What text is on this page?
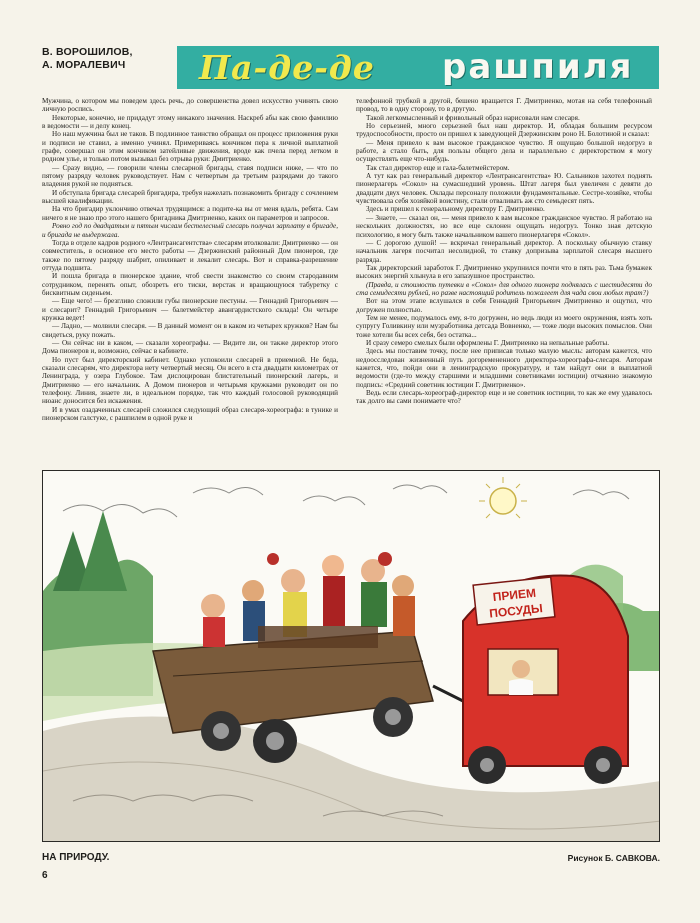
В. ВОРОШИЛОВ,
А. МОРАЛЕВИЧ Па-де-де рашпиля

Мужчина, о котором мы поведем здесь речь, до совершенства довел искусство учинять свою личную роспись.

Некоторые, конечно, не придадут этому никакого значения. Наскреб абы как свою фамилию в ведомости — и делу конец.

Но наш мужчина был не таков. В подлинное таинство обращал он процесс приложения руки и подписи не ставил, а именно учинял. Примериваясь кончиком пера к личной выплатной графе, совершал он этим кончиком затейливые движения, вроде как пчела перед летком в родном улье, и только потом вызывал без отрыва руки: Дмитриенко.

— Сразу видно, — говорили члены слесарной бригады, ставя подписи ниже, — что по пятому разряду человек руководствует. Нам с четвертым да третьим разрядами до такого владения рукой не подняться.

И обступала бригада слесарей бригадира, требуя нажелать познакомить бригаду с сочлением высшей квалификации.

На что бригадир уклончиво отвечал трудящимся: а подите-ка вы от меня вдаль, ребята. Сам ничего я не знаю про этого нашего бригадника Дмитриенко, каких он параметров и запросов.

Ровно год по двадцатым и пятым числам бестелесный слесарь получал зарплату в бригаде, и бригада не выдержала.

Тогда в отделе кадров родного «Лентрансагентства» слесарям втолковали: Дмитриенко — он совместитель, в основное его место работы — Дзержинский районный Дом пионеров, где также по пятому разряду шабрит, опиливает и лекалит слесарь. Вот и справка-разрешение оттуда подшита.

И пошла бригада в пионерское здание, чтоб свести знакомство со своим стародавним сотрудником, перенять опыт, обозреть его тиски, верстак и вращающуюся табуретку с бисквитным сиденьем.

— Еще чего! — брезгливо сложили губы пионерские пестуны. — Геннадий Григорьевич — и слесарит? Геннадий Григорьевич — балетмейстер авангардистского склада! Он четыре кружка ведет!

— Ладно, — молвили слесаря. — В данный момент он в каком из четырех кружков? Нам бы свидеться, руку пожать.

— Он сейчас ни в каком, — сказали хореографы. — Видите ли, он также директор этого Дома пионеров и, возможно, сейчас в кабинете.

Но пуст был директорский кабинет. Однако успокоили слесарей в приемной. Не беда, сказали слесарям, что директора нету четвертый месяц. Он всего в ста двадцати километрах от Ленинграда, у озера Глубокое. Там дислоцирован блистательный пионерский лагерь, и Дмитриенко — его начальник. А Домом пионеров и четырьмя кружками руководит он по телефону. Линия, знаете ли, в идеальном порядке, так что каждый голосовой руководящий нюанс доносится без искажения.

И в умах озадаченных слесарей сложился следующий образ слесаря-хореографа: в тунике и пионерском галстуке, с рашпилем в одной руке и

телефонной трубкой в другой, бешено вращается Г. Дмитриенко, мотая на себя телефонный провод, то в одну сторону, то в другую.

Такой легкомысленный и фривольный образ нарисовали нам слесаря.

Но серьезней, много серьезней был наш директор. И, обладая большим ресурсом трудоспособности, просто он пришел к заведующей Дзержинским роно Н. Болотиной и сказал:

— Меня привело к вам высокое гражданское чувство. Я ощущаю большой недогруз в работе, а стало быть, для пользы общего дела и параллельно с директорством я могу осуществлять еще что-нибудь.

Так стал директор еще и гала-балетмейстером.

А тут как раз генеральный директор «Лентрансагентства» Ю. Сальников захотел поднять пионерлагерь «Сокол» на сумасшедший уровень. Штат лагеря был увеличен с девяти до двадцати двух человек. Оклады персоналу положили фундаментальные. Сестре-хозяйке, чтобы чувствовала себя хозяйкой воистину, стали отваливать аж сто семьдесят пять.

Здесь и пришел к генеральному директору Г. Дмитриенко.

— Знаете, — сказал он, — меня привело к вам высокое гражданское чувство. Я работаю на нескольких должностях, но все еще склонен ощущать недогруз. Тонко зная детскую психологию, я могу быть также начальником вашего пионерлагеря «Сокол».

— С дорогою душой! — вскричал генеральный директор. А поскольку обычную ставку начальник лагеря посчитал несолидной, то ставку допризыва зарплатой слесаря высшего разряда.

Так директорский заработок Г. Дмитриенко укрупнился почти что в пять раз. Тьма бумажек высоких энергий хлынула в его запазушное пространство.

(Правда, и стоимость путевки в «Сокол» для одного пионера поднялась с шестидесяти до ста семидесяти рублей, но разве настоящий родитель пожалеет для чада свои любых трат?)

Вот на этом этапе вслушался в себя Геннадий Григорьевич Дмитриенко и ощутил, что догружен полностью.

Тем не менее, подумалось ему, я-то догружен, но ведь люди из моего окружения, взять хоть супругу Голивкину или музработника детсада Вовненко, — тоже люди высоких помыслов. Они тоже хотели бы всех себя, без остатка...

И сразу семеро смелых были оформлены Г. Дмитриенко на непыльные работы.

Здесь мы поставим точку, после нее приписав только малую мысль: авторам кажется, что недоосследован жизненный путь догоремененного директора-хореографа-слесаря. Авторам кажется, что, пойди они в ленинградскую прокуратуру, и там найдут они в выплатной ведомости (где-то между старшими и младшими советниками юстиции) отчаянно знакомую подпись: «Средний советник юстиции Г. Дмитриенко».

Ведь если слесарь-хореограф-директор еще и не советник юстиции, то как же ему удавалось так долго вы сами понимаете что?

ПРИЕМ
ПОСУДЫ
НА ПРИРОДУ.	Рисунок Б. САВКОВА.
6
